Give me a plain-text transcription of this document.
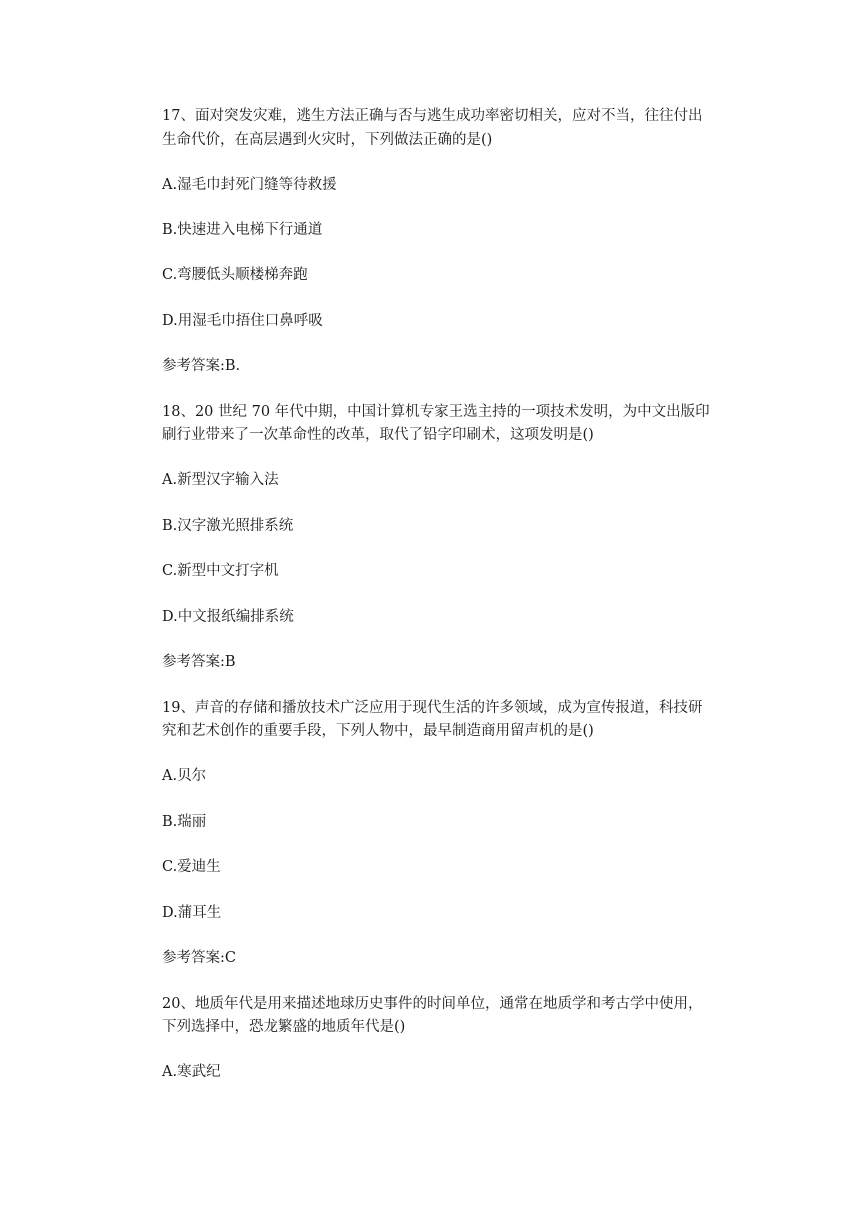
17、面对突发灾难，逃生方法正确与否与逃生成功率密切相关，应对不当，往往付出
生命代价，在高层遇到火灾时，下列做法正确的是()
A.湿毛巾封死门缝等待救援
B.快速进入电梯下行通道
C.弯腰低头顺楼梯奔跑
D.用湿毛巾捂住口鼻呼吸
参考答案:B.
18、20 世纪 70 年代中期，中国计算机专家王选主持的一项技术发明，为中文出版印
刷行业带来了一次革命性的改革，取代了铅字印刷术，这项发明是()
A.新型汉字输入法
B.汉字激光照排系统
C.新型中文打字机
D.中文报纸编排系统
参考答案:B
19、声音的存储和播放技术广泛应用于现代生活的许多领域，成为宣传报道，科技研
究和艺术创作的重要手段，下列人物中，最早制造商用留声机的是()
A.贝尔
B.瑞丽
C.爱迪生
D.蒲耳生
参考答案:C
20、地质年代是用来描述地球历史事件的时间单位，通常在地质学和考古学中使用，
下列选择中，恐龙繁盛的地质年代是()
A.寒武纪
